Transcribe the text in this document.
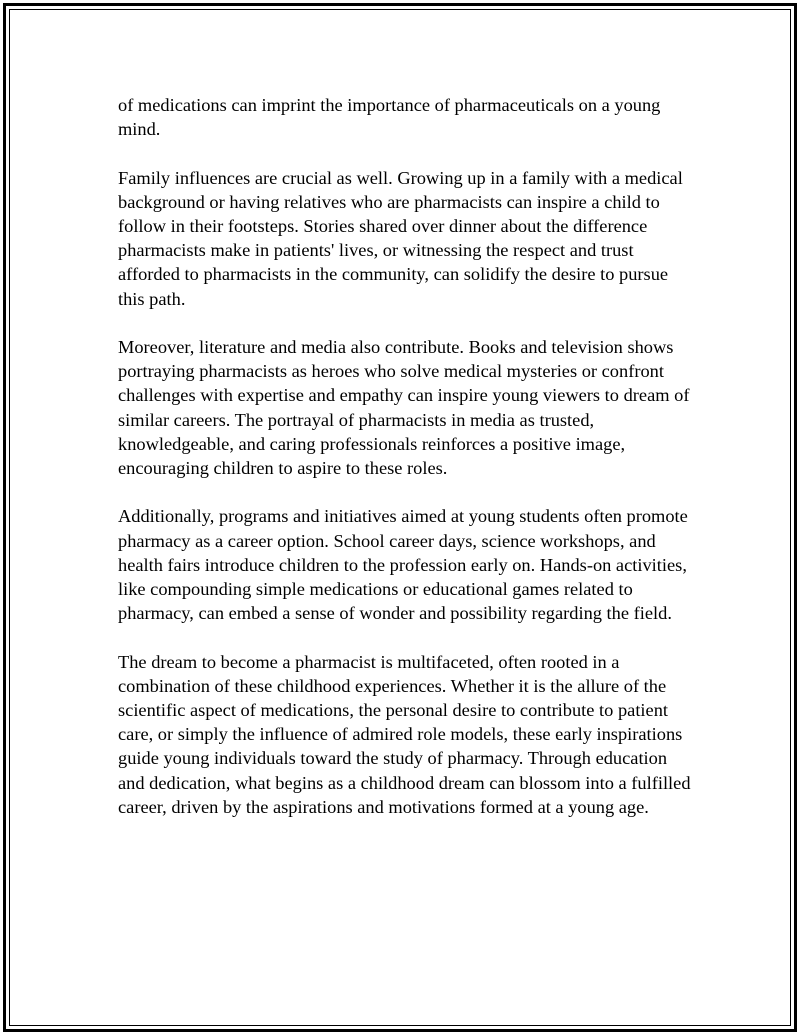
of medications can imprint the importance of pharmaceuticals on a young mind.

Family influences are crucial as well. Growing up in a family with a medical background or having relatives who are pharmacists can inspire a child to follow in their footsteps. Stories shared over dinner about the difference pharmacists make in patients' lives, or witnessing the respect and trust afforded to pharmacists in the community, can solidify the desire to pursue this path.

Moreover, literature and media also contribute. Books and television shows portraying pharmacists as heroes who solve medical mysteries or confront challenges with expertise and empathy can inspire young viewers to dream of similar careers. The portrayal of pharmacists in media as trusted, knowledgeable, and caring professionals reinforces a positive image, encouraging children to aspire to these roles.

Additionally, programs and initiatives aimed at young students often promote pharmacy as a career option. School career days, science workshops, and health fairs introduce children to the profession early on. Hands-on activities, like compounding simple medications or educational games related to pharmacy, can embed a sense of wonder and possibility regarding the field.

The dream to become a pharmacist is multifaceted, often rooted in a combination of these childhood experiences. Whether it is the allure of the scientific aspect of medications, the personal desire to contribute to patient care, or simply the influence of admired role models, these early inspirations guide young individuals toward the study of pharmacy. Through education and dedication, what begins as a childhood dream can blossom into a fulfilled career, driven by the aspirations and motivations formed at a young age.
